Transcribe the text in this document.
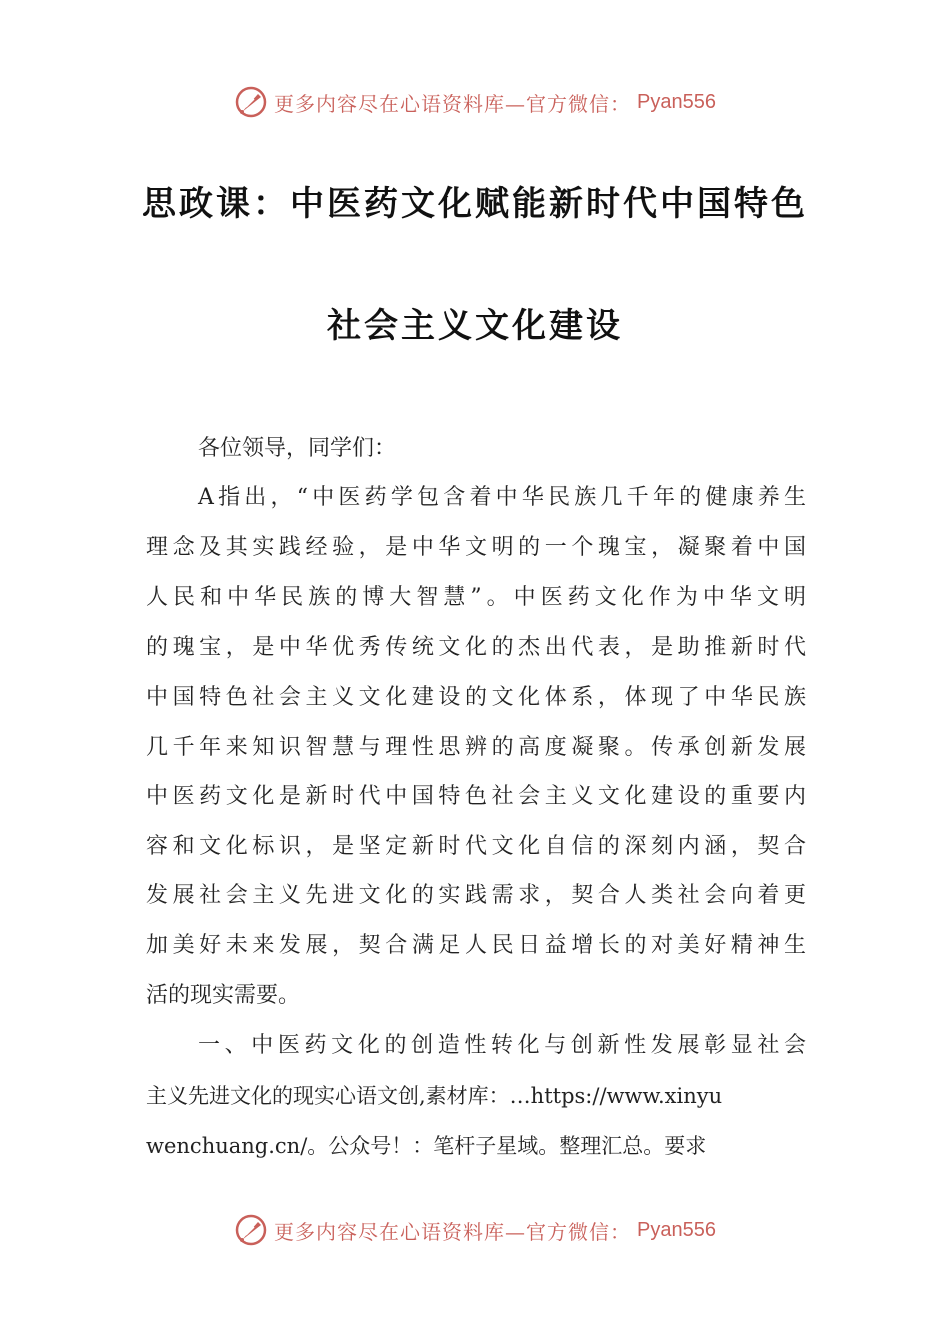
更多内容尽在心语资料库—官方微信： Pyan556
思政课：中医药文化赋能新时代中国特色
社会主义文化建设
各位领导，同学们：
A指出，“中医药学包含着中华民族几千年的健康养生
理念及其实践经验，是中华文明的一个瑰宝，凝聚着中国
人民和中华民族的博大智慧”。中医药文化作为中华文明
的瑰宝，是中华优秀传统文化的杰出代表，是助推新时代
中国特色社会主义文化建设的文化体系，体现了中华民族
几千年来知识智慧与理性思辨的高度凝聚。传承创新发展
中医药文化是新时代中国特色社会主义文化建设的重要内
容和文化标识，是坚定新时代文化自信的深刻内涵，契合
发展社会主义先进文化的实践需求，契合人类社会向着更
加美好未来发展，契合满足人民日益增长的对美好精神生
活的现实需要。
一、中医药文化的创造性转化与创新性发展彰显社会
主义先进文化的现实心语文创,素材库：…https://www.xinyu
wenchuang.cn/。公众号！：笔杆子星域。整理汇总。要求
更多内容尽在心语资料库—官方微信： Pyan556
